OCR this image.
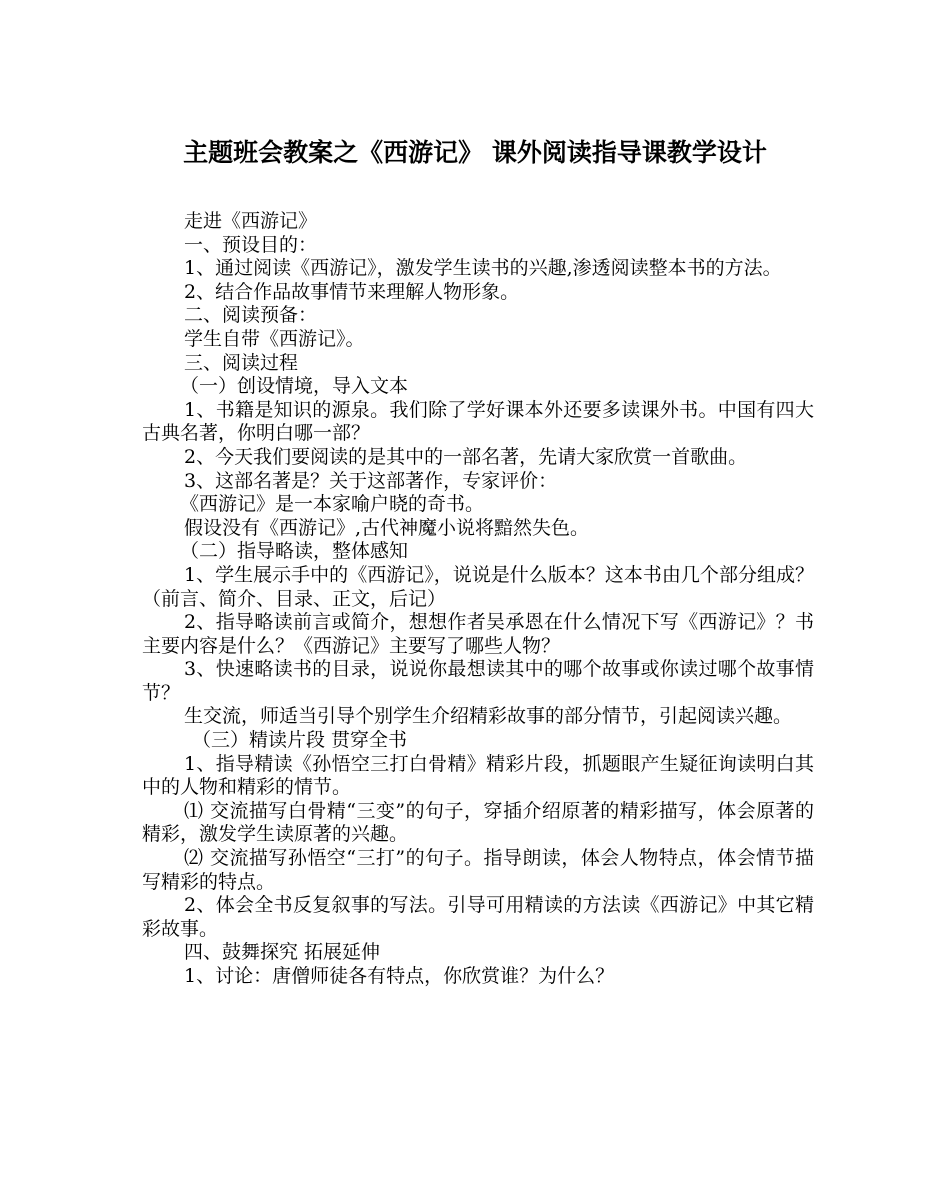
主题班会教案之《西游记》 课外阅读指导课教学设计

走进《西游记》

一、预设目的：

1、通过阅读《西游记》，激发学生读书的兴趣,渗透阅读整本书的方法。

2、结合作品故事情节来理解人物形象。

二、阅读预备：

学生自带《西游记》。

三、阅读过程

（一）创设情境，导入文本

1、书籍是知识的源泉。我们除了学好课本外还要多读课外书。中国有四大古典名著，你明白哪一部？

2、今天我们要阅读的是其中的一部名著，先请大家欣赏一首歌曲。

3、这部名著是？关于这部著作，专家评价：

《西游记》是一本家喻户晓的奇书。

假设没有《西游记》,古代神魔小说将黯然失色。

（二）指导略读，整体感知

1、学生展示手中的《西游记》，说说是什么版本？这本书由几个部分组成？（前言、简介、目录、正文，后记）

2、指导略读前言或简介，想想作者吴承恩在什么情况下写《西游记》？书主要内容是什么？《西游记》主要写了哪些人物？

3、快速略读书的目录，说说你最想读其中的哪个故事或你读过哪个故事情节？

生交流，师适当引导个别学生介绍精彩故事的部分情节，引起阅读兴趣。

（三）精读片段 贯穿全书

1、指导精读《孙悟空三打白骨精》精彩片段，抓题眼产生疑征询读明白其中的人物和精彩的情节。

⑴ 交流描写白骨精“三变”的句子，穿插介绍原著的精彩描写，体会原著的精彩，激发学生读原著的兴趣。

⑵ 交流描写孙悟空“三打”的句子。指导朗读，体会人物特点，体会情节描写精彩的特点。

2、体会全书反复叙事的写法。引导可用精读的方法读《西游记》中其它精彩故事。

四、鼓舞探究 拓展延伸

1、讨论：唐僧师徒各有特点，你欣赏谁？为什么？
